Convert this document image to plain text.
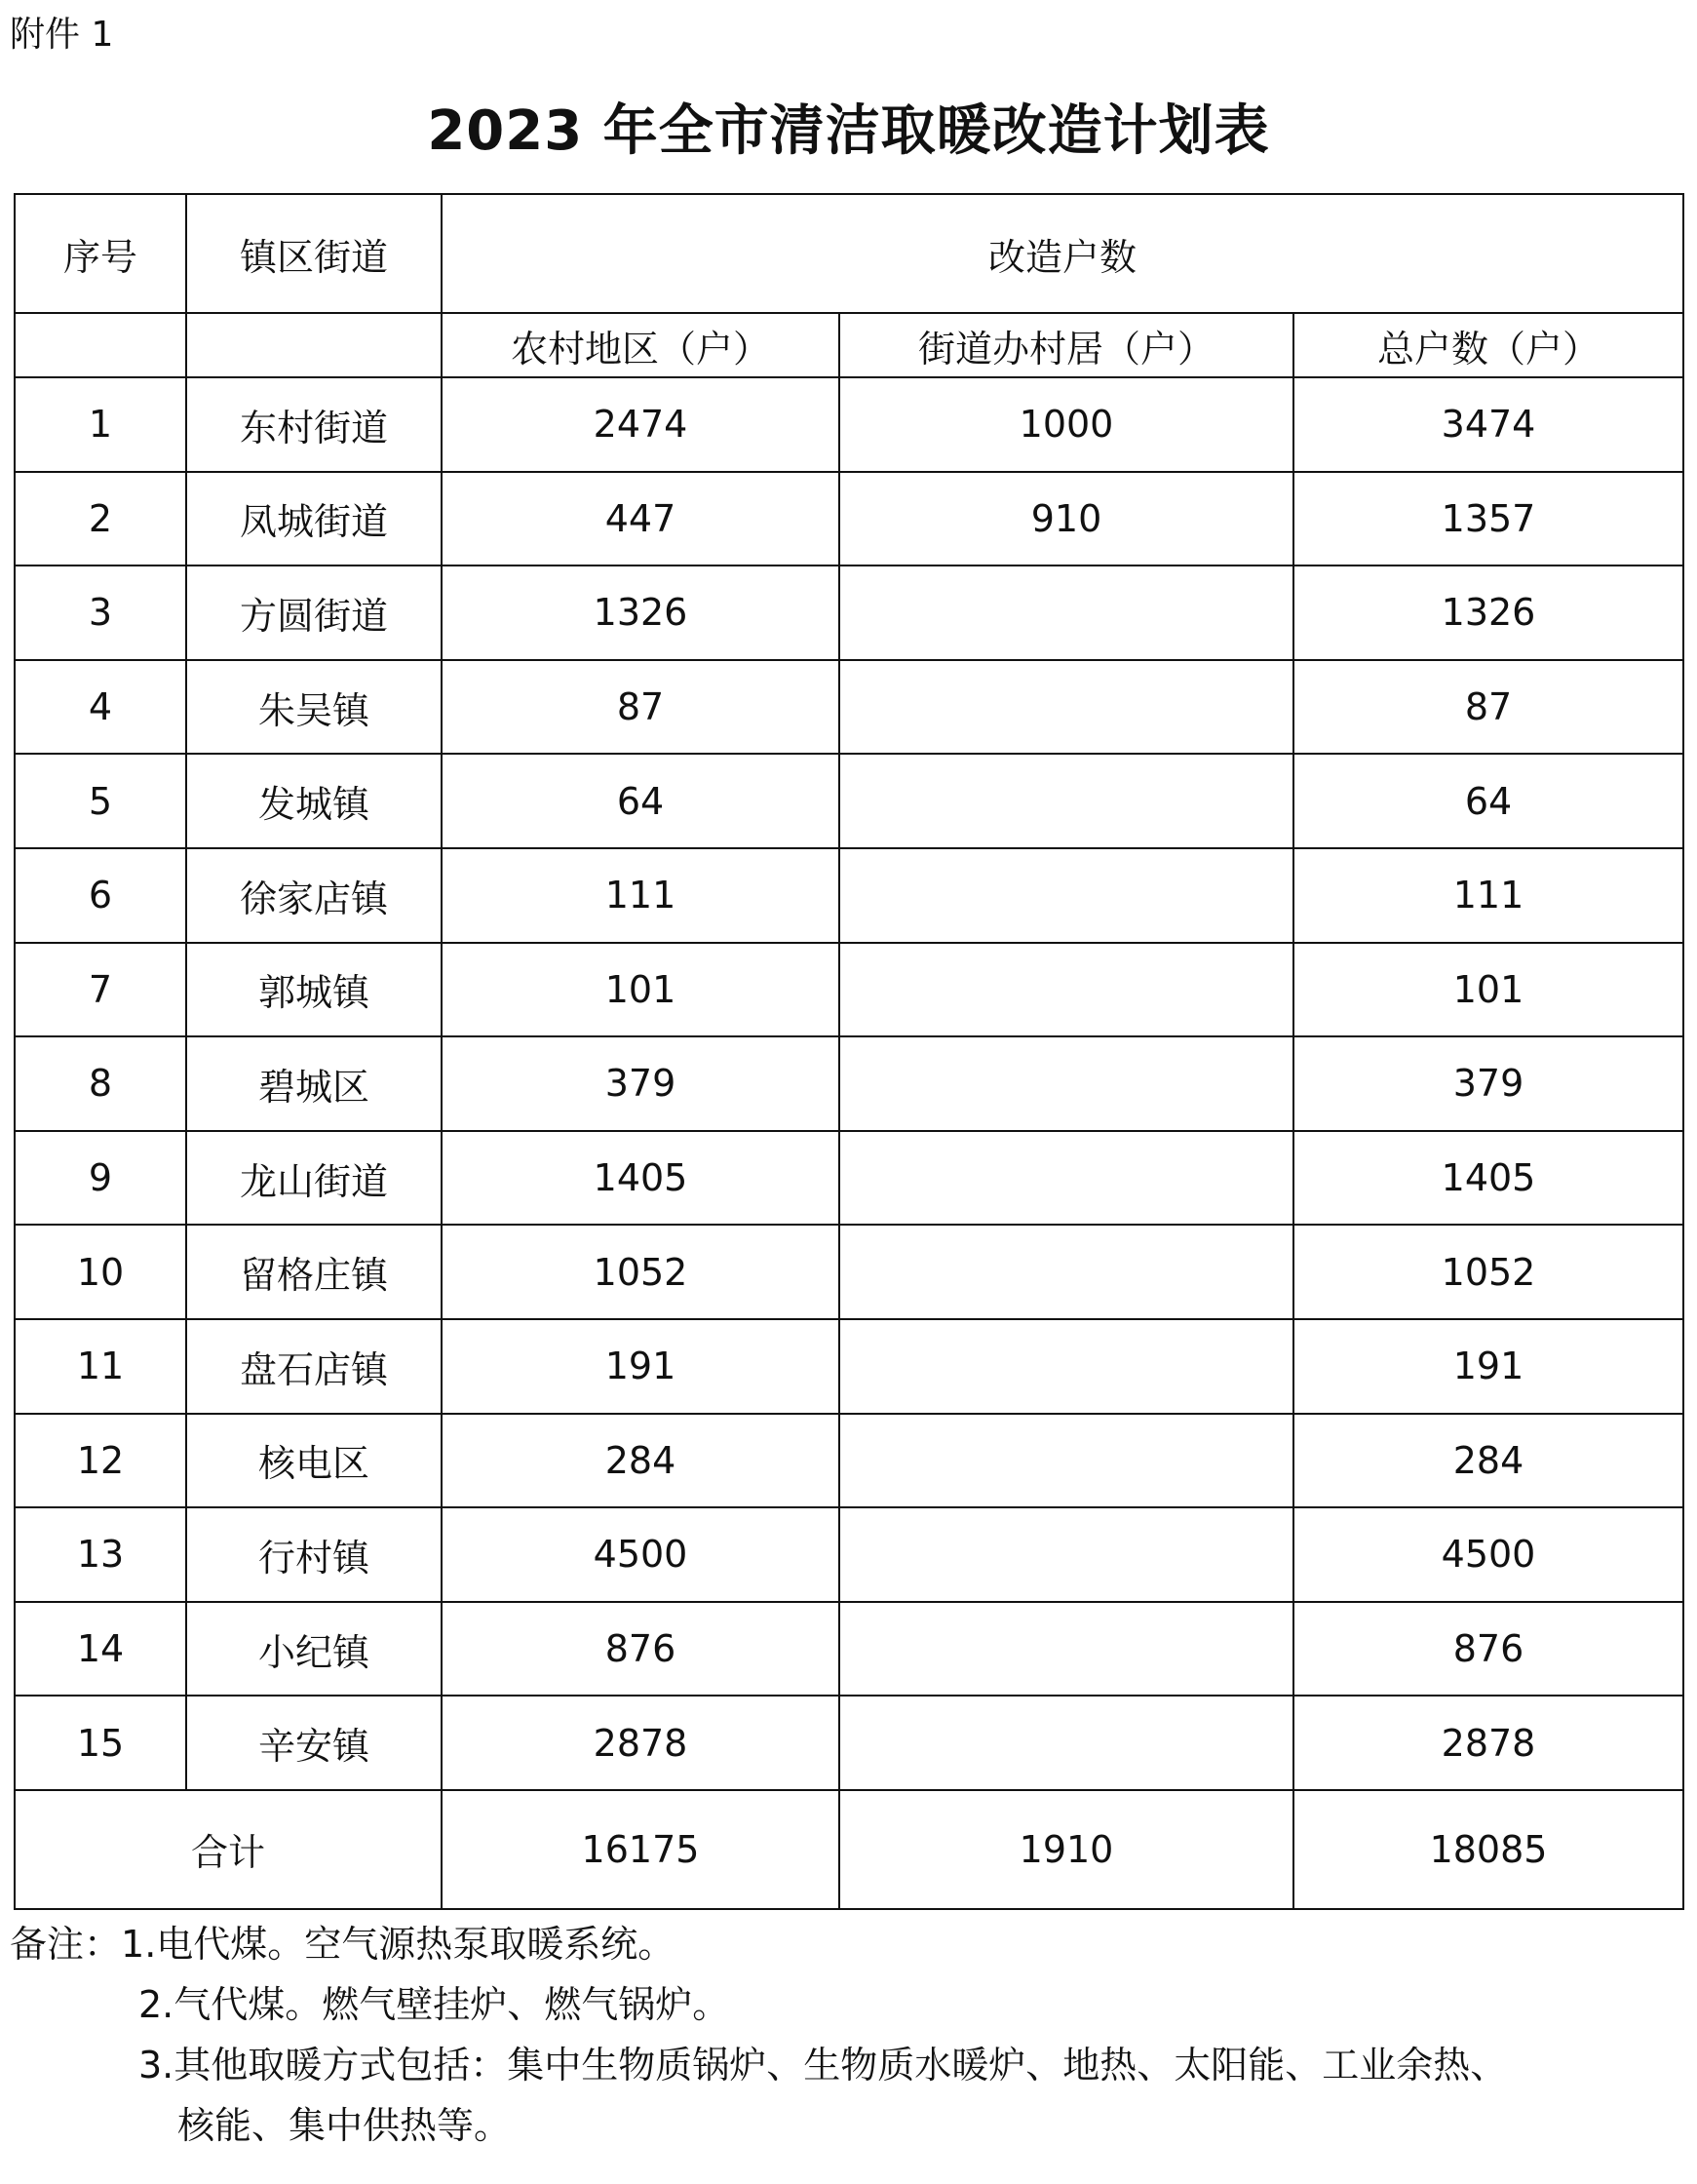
附件 1
2023 年全市清洁取暖改造计划表
序号	镇区街道	改造户数		
		农村地区（户）	街道办村居（户）	总户数（户）
1	东村街道	2474	1000	3474
2	凤城街道	447	910	1357
3	方圆街道	1326		1326
4	朱吴镇	87		87
5	发城镇	64		64
6	徐家店镇	111		111
7	郭城镇	101		101
8	碧城区	379		379
9	龙山街道	1405		1405
10	留格庄镇	1052		1052
11	盘石店镇	191		191
12	核电区	284		284
13	行村镇	4500		4500
14	小纪镇	876		876
15	辛安镇	2878		2878
合计		16175	1910	18085
备注：1.电代煤。空气源热泵取暖系统。
2.气代煤。燃气壁挂炉、燃气锅炉。
3.其他取暖方式包括：集中生物质锅炉、生物质水暖炉、地热、太阳能、工业余热、
核能、集中供热等。
